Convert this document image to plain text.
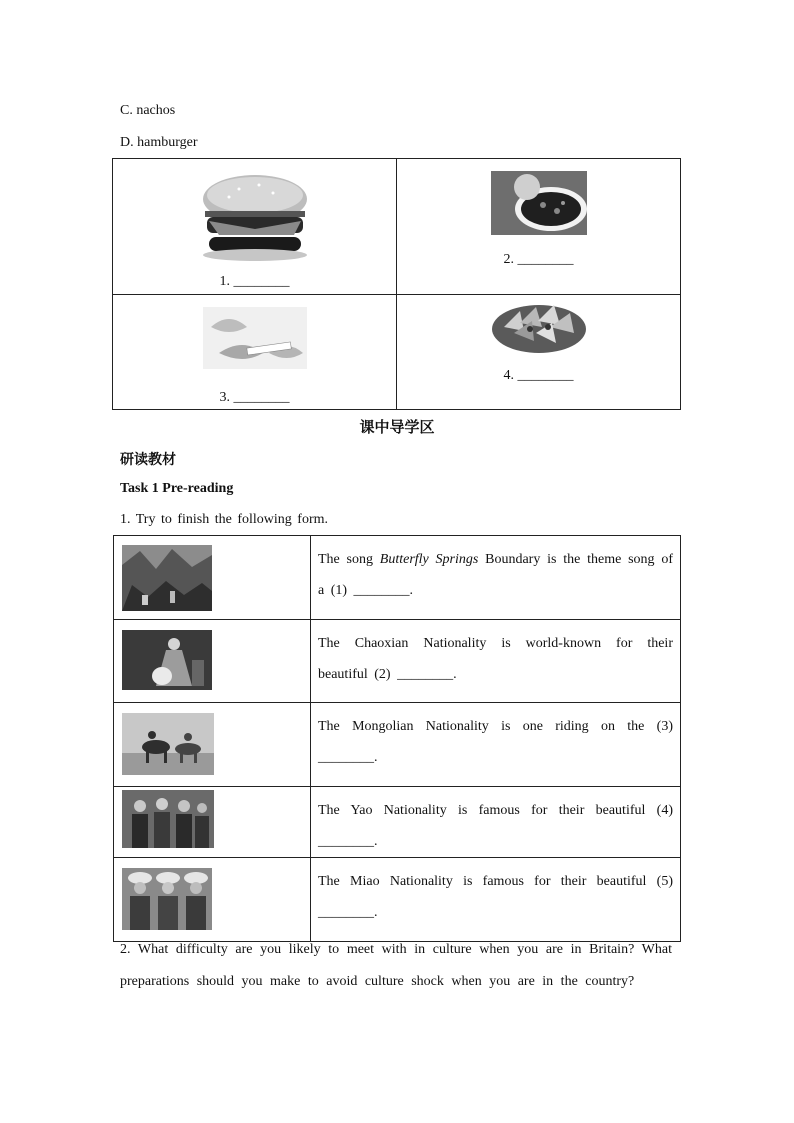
C. nachos
D. hamburger
1. ________	2. ________

3. ________	4. ________
课中导学区
研读教材
Task 1 Pre-reading
1. Try to finish the following form.
	The song Butterfly Springs Boundary is the theme song of a (1) ________.
	The Chaoxian Nationality is world-known for their beautiful (2) ________.
	The Mongolian Nationality is one riding on the (3) ________.
	The Yao Nationality is famous for their beautiful (4) ________.
	The Miao Nationality is famous for their beautiful (5) ________.
2. What difficulty are you likely to meet with in culture when you are in Britain? What preparations should you make to avoid culture shock when you are in the country?
